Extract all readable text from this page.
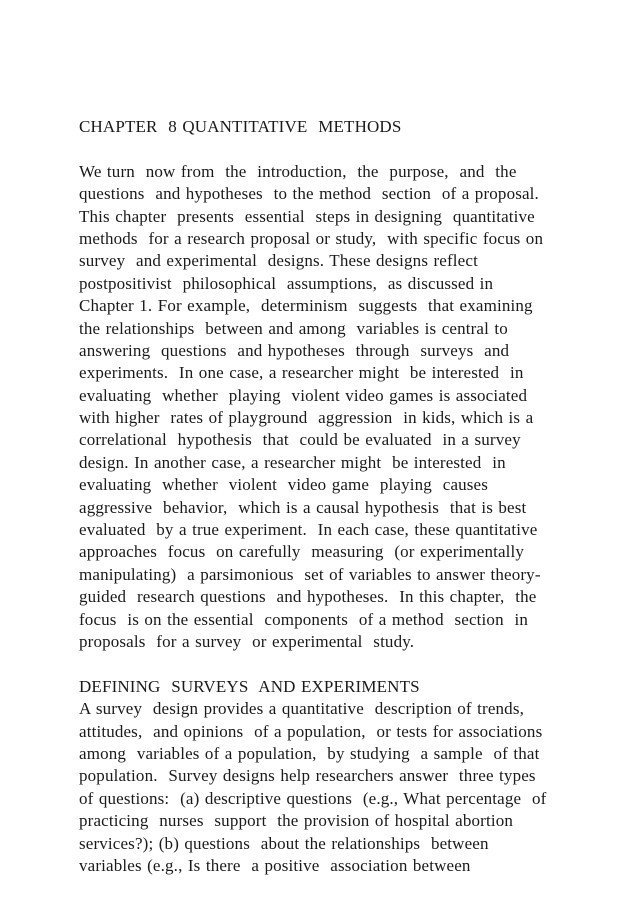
CHAPTER  8 QUANTITATIVE  METHODS
We turn  now from  the  introduction,  the  purpose,  and  the
questions  and hypotheses  to the method  section  of a proposal.
This chapter  presents  essential  steps in designing  quantitative
methods  for a research proposal or study,  with specific focus on
survey  and experimental  designs. These designs reflect
postpositivist  philosophical  assumptions,  as discussed in
Chapter 1. For example,  determinism  suggests  that examining
the relationships  between and among  variables is central to
answering  questions  and hypotheses  through  surveys  and
experiments.  In one case, a researcher might  be interested  in
evaluating  whether  playing  violent video games is associated
with higher  rates of playground  aggression  in kids, which is a
correlational  hypothesis  that  could be evaluated  in a survey
design. In another case, a researcher might  be interested  in
evaluating  whether  violent  video game  playing  causes
aggressive  behavior,  which is a causal hypothesis  that is best
evaluated  by a true experiment.  In each case, these quantitative
approaches  focus  on carefully  measuring  (or experimentally
manipulating)  a parsimonious  set of variables to answer theory-
guided  research questions  and hypotheses.  In this chapter,  the
focus  is on the essential  components  of a method  section  in
proposals  for a survey  or experimental  study.
DEFINING  SURVEYS  AND EXPERIMENTS
A survey  design provides a quantitative  description of trends,
attitudes,  and opinions  of a population,  or tests for associations
among  variables of a population,  by studying  a sample  of that
population.  Survey designs help researchers answer  three types
of questions:  (a) descriptive questions  (e.g., What percentage  of
practicing  nurses  support  the provision of hospital abortion
services?); (b) questions  about the relationships  between
variables (e.g., Is there  a positive  association between
